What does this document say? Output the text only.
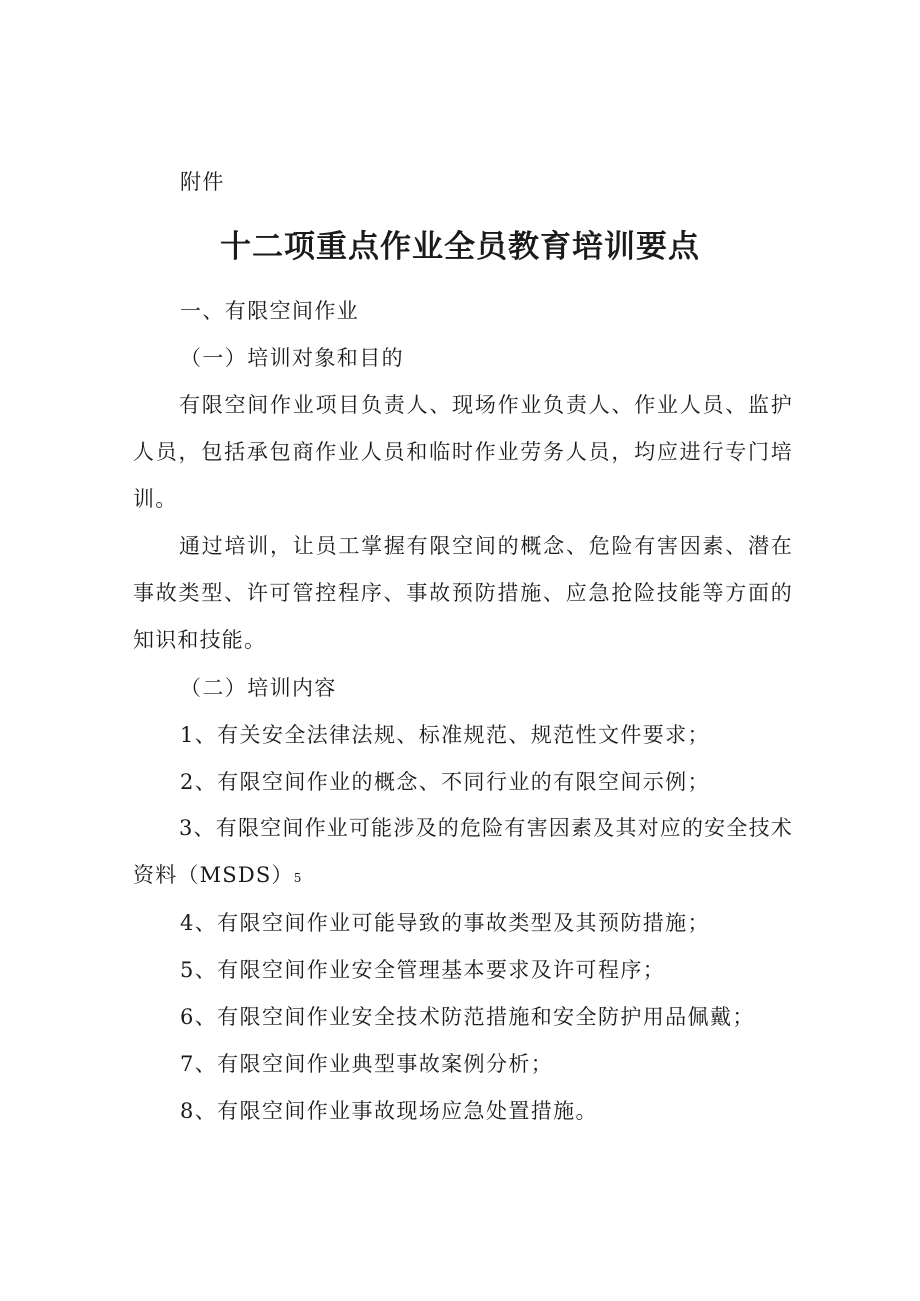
附件
十二项重点作业全员教育培训要点
一、有限空间作业
（一）培训对象和目的
有限空间作业项目负责人、现场作业负责人、作业人员、监护人员，包括承包商作业人员和临时作业劳务人员，均应进行专门培训。
通过培训，让员工掌握有限空间的概念、危险有害因素、潜在事故类型、许可管控程序、事故预防措施、应急抢险技能等方面的知识和技能。
（二）培训内容
1、有关安全法律法规、标准规范、规范性文件要求；
2、有限空间作业的概念、不同行业的有限空间示例；
3、有限空间作业可能涉及的危险有害因素及其对应的安全技术资料（MSDS）5
4、有限空间作业可能导致的事故类型及其预防措施；
5、有限空间作业安全管理基本要求及许可程序；
6、有限空间作业安全技术防范措施和安全防护用品佩戴；
7、有限空间作业典型事故案例分析；
8、有限空间作业事故现场应急处置措施。
